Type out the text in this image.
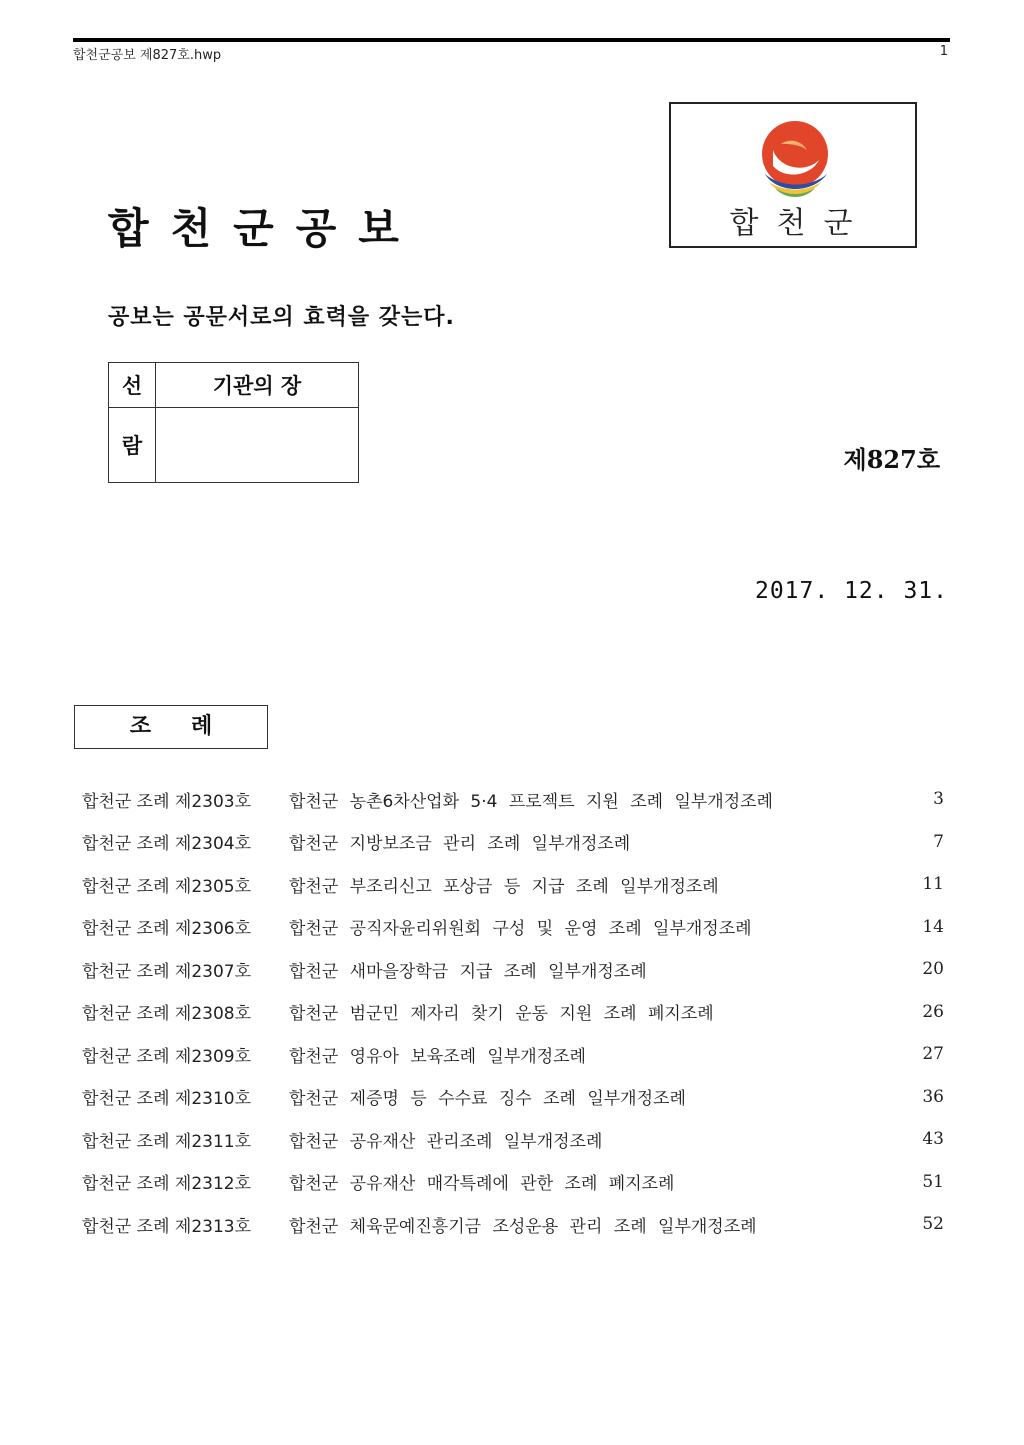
합천군공보 제827호.hwp	1
합천군공보	합천군
공보는 공문서로의 효력을 갖는다.
선	기관의 장
람		제827호
2017. 12. 31.
조례
합천군 조례 제2303호	합천군 농촌6차산업화 5·4 프로젝트 지원 조례 일부개정조례	3
합천군 조례 제2304호	합천군 지방보조금 관리 조례 일부개정조례	7
합천군 조례 제2305호	합천군 부조리신고 포상금 등 지급 조례 일부개정조례	11
합천군 조례 제2306호	합천군 공직자윤리위원회 구성 및 운영 조례 일부개정조례	14
합천군 조례 제2307호	합천군 새마을장학금 지급 조례 일부개정조례	20
합천군 조례 제2308호	합천군 범군민 제자리 찾기 운동 지원 조례 폐지조례	26
합천군 조례 제2309호	합천군 영유아 보육조례 일부개정조례	27
합천군 조례 제2310호	합천군 제증명 등 수수료 징수 조례 일부개정조례	36
합천군 조례 제2311호	합천군 공유재산 관리조례 일부개정조례	43
합천군 조례 제2312호	합천군 공유재산 매각특례에 관한 조례 폐지조례	51
합천군 조례 제2313호	합천군 체육문예진흥기금 조성운용 관리 조례 일부개정조례	52
